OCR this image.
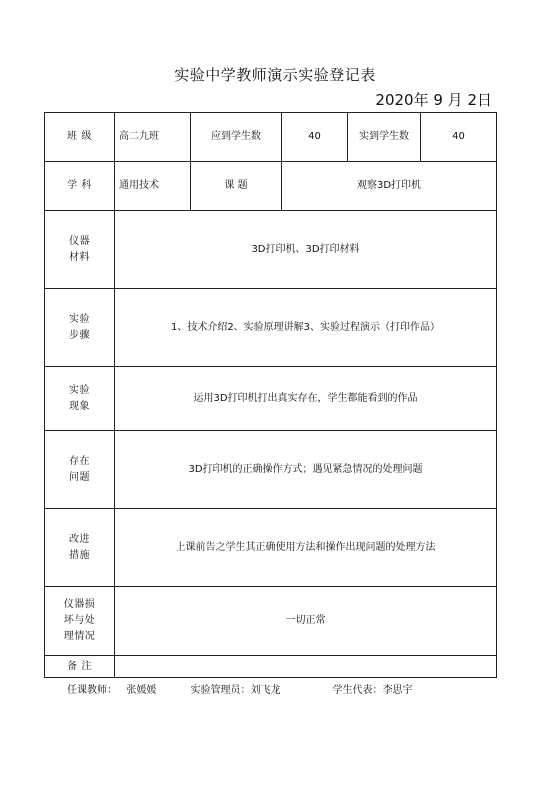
实验中学教师演示实验登记表
2020年 9 月 2日
班 级	高二九班	应到学生数	40	实到学生数	40
学 科	通用技术	课 题	观察3D打印机		
仪器
材料	3D打印机、3D打印材料				
实验
步骤	1、技术介绍2、实验原理讲解3、实验过程演示（打印作品）				
实验
现象	运用3D打印机打出真实存在，学生都能看到的作品				
存在
问题	3D打印机的正确操作方式；遇见紧急情况的处理问题				
改进
措施	上课前告之学生其正确使用方法和操作出现问题的处理方法				
仪器损
坏与处
理情况	一切正常				
备 注					
任课教师：   张媛媛	实验管理员：刘飞龙	学生代表：李思宇
